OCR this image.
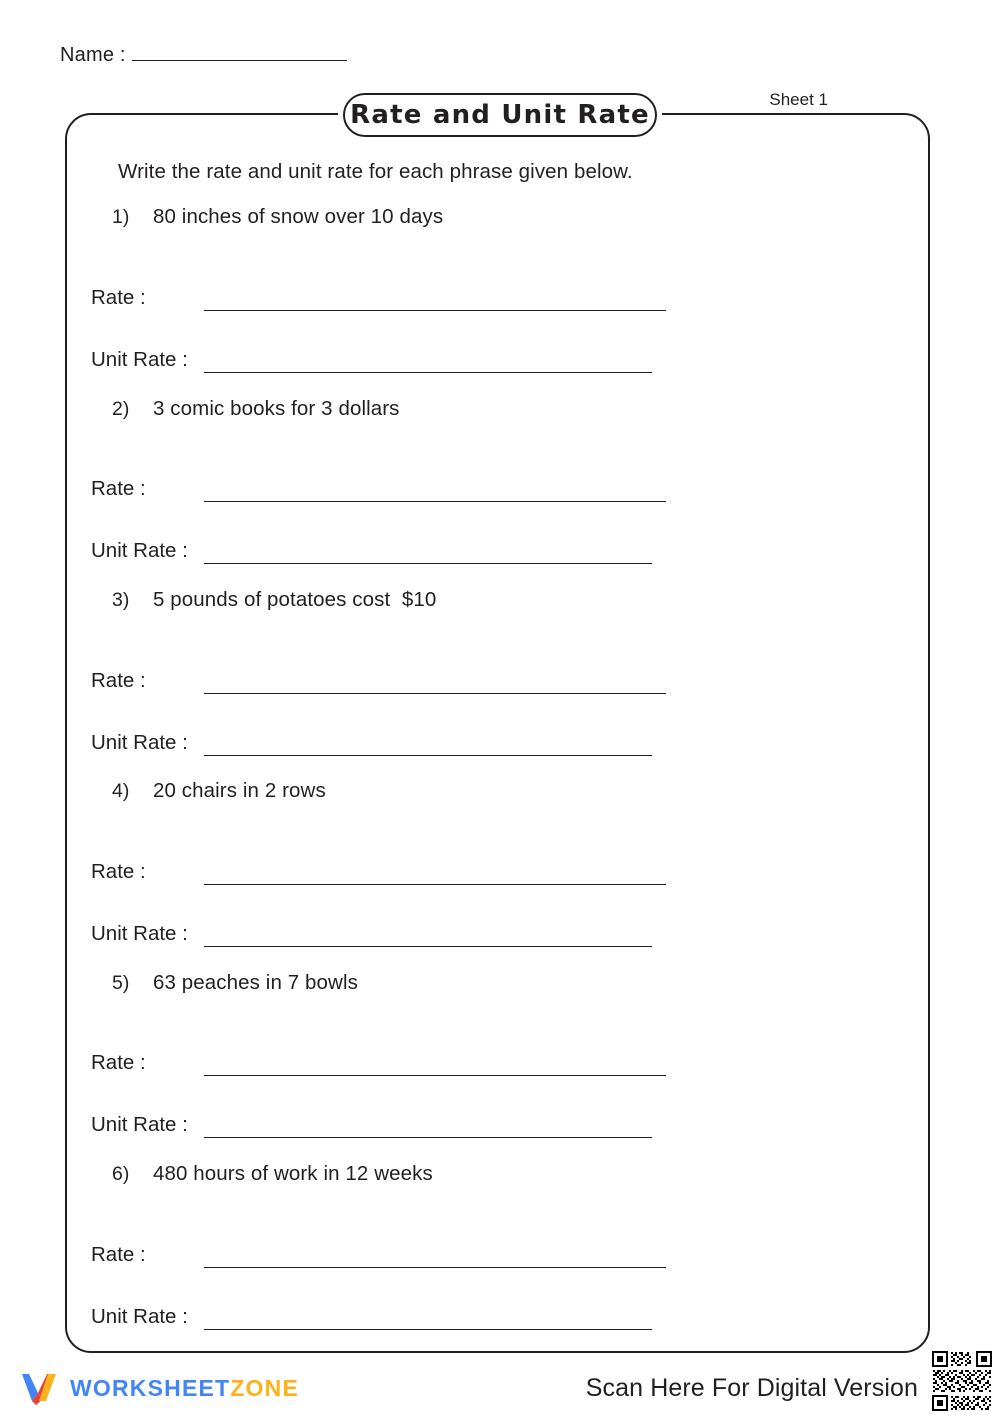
Name :
Sheet 1
Rate and Unit Rate
Write the rate and unit rate for each phrase given below.
1)	80 inches of snow over 10 days
Rate :
Unit Rate :
2)	3 comic books for 3 dollars
Rate :
Unit Rate :
3)	5 pounds of potatoes cost  $10
Rate :
Unit Rate :
4)	20 chairs in 2 rows
Rate :
Unit Rate :
5)	63 peaches in 7 bowls
Rate :
Unit Rate :
6)	480 hours of work in 12 weeks
Rate :
Unit Rate :
WORKSHEETZONE	Scan Here For Digital Version
